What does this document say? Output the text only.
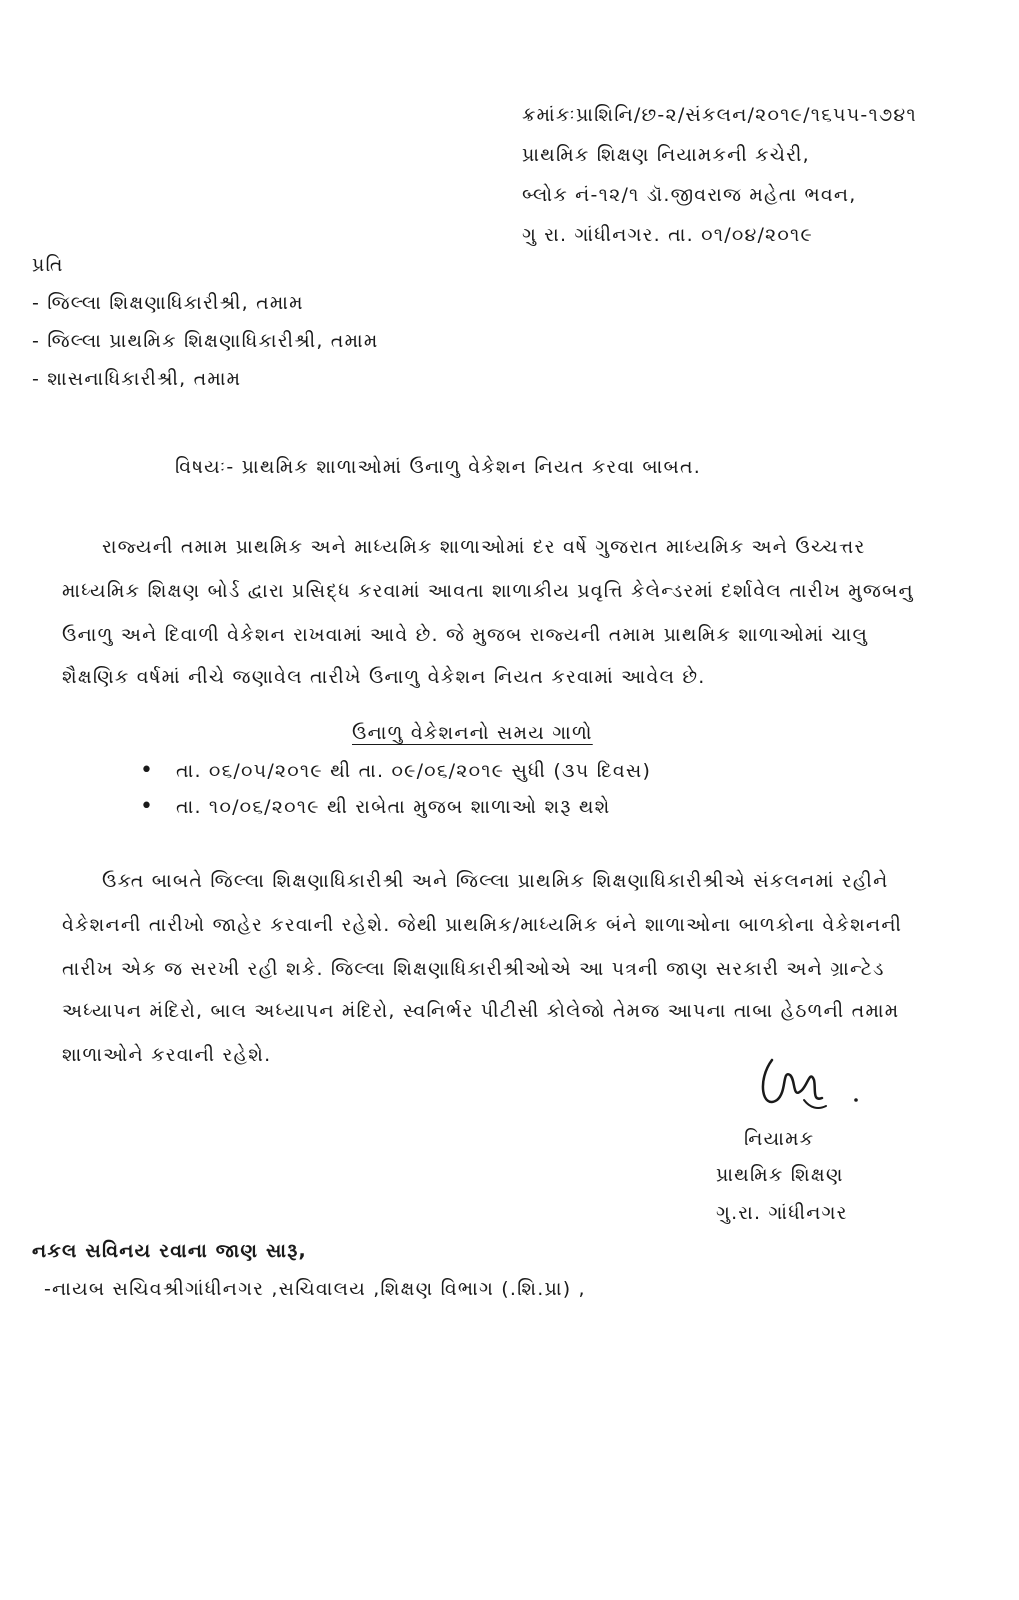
ક્રમાંકઃપ્રાશિનિ/છ-૨/સંકલન/૨૦૧૯/૧૬૫૫-૧૭૪૧
પ્રાથમિક શિક્ષણ નિયામકની કચેરી,
બ્લોક નં-૧૨/૧ ડૉ.જીવરાજ મહેતા ભવન,
ગુ રા. ગાંધીનગર. તા. ૦૧/૦૪/૨૦૧૯
પ્રતિ
- જિલ્લા શિક્ષણાધિકારીશ્રી, તમામ
- જિલ્લા પ્રાથમિક શિક્ષણાધિકારીશ્રી, તમામ
- શાસનાધિકારીશ્રી, તમામ
વિષયઃ- પ્રાથમિક શાળાઓમાં ઉનાળુ વેકેશન નિયત કરવા બાબત.
રાજ્યની તમામ પ્રાથમિક અને માધ્યમિક શાળાઓમાં દર વર્ષે ગુજરાત માધ્યમિક અને ઉચ્ચત્તર
માધ્યમિક શિક્ષણ બોર્ડ દ્વારા પ્રસિદ્ધ કરવામાં આવતા શાળાકીય પ્રવૃત્તિ કેલેન્ડરમાં દર્શાવેલ તારીખ મુજબનુ
ઉનાળુ અને દિવાળી વેકેશન રાખવામાં આવે છે. જે મુજબ રાજ્યની તમામ પ્રાથમિક શાળાઓમાં ચાલુ
શૈક્ષણિક વર્ષમાં નીચે જણાવેલ તારીખે ઉનાળુ વેકેશન નિયત કરવામાં આવેલ છે.
ઉનાળુ વેકેશનનો સમય ગાળો
• તા. ૦૬/૦૫/૨૦૧૯ થી તા. ૦૯/૦૬/૨૦૧૯ સુધી (૩૫ દિવસ)
• તા. ૧૦/૦૬/૨૦૧૯ થી રાબેતા મુજબ શાળાઓ શરૂ થશે
ઉક્ત બાબતે જિલ્લા શિક્ષણાધિકારીશ્રી અને જિલ્લા પ્રાથમિક શિક્ષણાધિકારીશ્રીએ સંકલનમાં રહીને
વેકેશનની તારીખો જાહેર કરવાની રહેશે. જેથી પ્રાથમિક/માધ્યમિક બંને શાળાઓના બાળકોના વેકેશનની
તારીખ એક જ સરખી રહી શકે. જિલ્લા શિક્ષણાધિકારીશ્રીઓએ આ પત્રની જાણ સરકારી અને ગ્રાન્ટેડ
અધ્યાપન મંદિરો, બાલ અધ્યાપન મંદિરો, સ્વનિર્ભર પીટીસી કોલેજો તેમજ આપના તાબા હેઠળની તમામ
શાળાઓને કરવાની રહેશે.
નિયામક
પ્રાથમિક શિક્ષણ
ગુ.રા. ગાંધીનગર
નકલ સવિનય રવાના જાણ સારૂ,
-નાયબ સચિવશ્રીગાંધીનગર ,સચિવાલય ,શિક્ષણ વિભાગ (.શિ.પ્રા) ,
